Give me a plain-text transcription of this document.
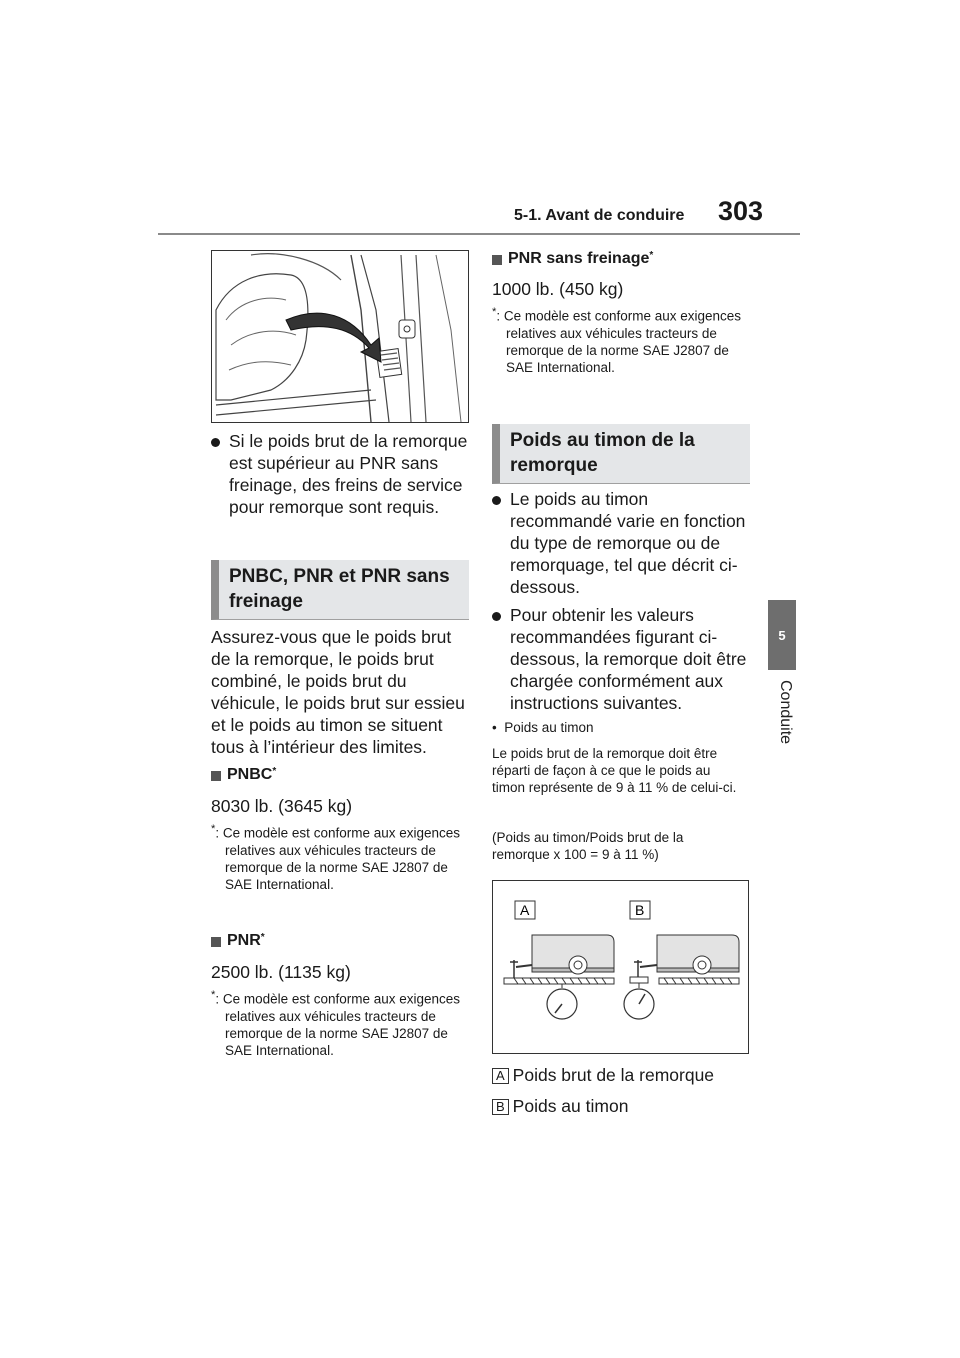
5-1. Avant de conduire 303
5
Conduite

Si le poids brut de la remorque est supérieur au PNR sans freinage, des freins de service pour remorque sont requis.

PNBC, PNR et PNR sans freinage

Assurez-vous que le poids brut de la remorque, le poids brut combiné, le poids brut du véhicule, le poids brut sur essieu et le poids au timon se situent tous à l’intérieur des limites.

PNBC*
8030 lb. (3645 kg)

*: Ce modèle est conforme aux exigences relatives aux véhicules tracteurs de remorque de la norme SAE J2807 de SAE International.

PNR*
2500 lb. (1135 kg)

*: Ce modèle est conforme aux exigences relatives aux véhicules tracteurs de remorque de la norme SAE J2807 de SAE International.

PNR sans freinage*
1000 lb. (450 kg)

*: Ce modèle est conforme aux exigences relatives aux véhicules tracteurs de remorque de la norme SAE J2807 de SAE International.

Poids au timon de la remorque

Le poids au timon recommandé varie en fonction du type de remorque ou de remorquage, tel que décrit ci-dessous.

Pour obtenir les valeurs recommandées figurant ci-dessous, la remorque doit être chargée conformément aux instructions suivantes.

•  Poids au timon
Le poids brut de la remorque doit être réparti de façon à ce que le poids au timon représente de 9 à 11 % de celui-ci.
(Poids au timon/Poids brut de la remorque x 100 = 9 à 11 %)
A	B
A Poids brut de la remorque
B Poids au timon
